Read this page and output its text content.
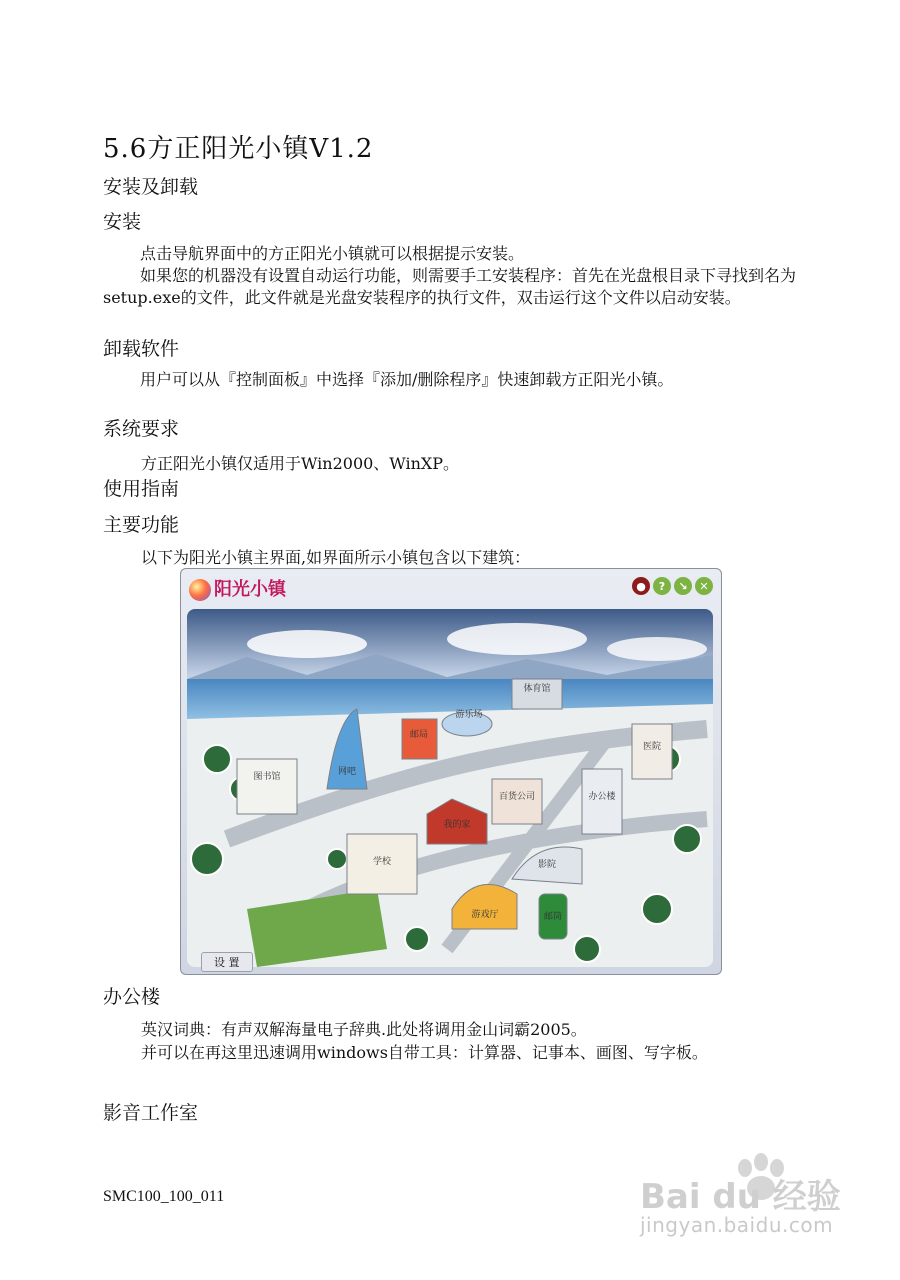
5.6方正阳光小镇V1.2
安装及卸载
安装

点击导航界面中的方正阳光小镇就可以根据提示安装。

如果您的机器没有设置自动运行功能，则需要手工安装程序：首先在光盘根目录下寻找到名为setup.exe的文件，此文件就是光盘安装程序的执行文件，双击运行这个文件以启动安装。

卸载软件

用户可以从『控制面板』中选择『添加/删除程序』快速卸载方正阳光小镇。

系统要求
方正阳光小镇仅适用于Win2000、WinXP。
使用指南
主要功能
以下为阳光小镇主界面,如界面所示小镇包含以下建筑：
阳光小镇	●	?	↘	✕
图书馆	网吧
邮局
游乐场
体育馆
医院
百货公司
我的家
办公楼
学校	影院
游戏厅	邮筒
设 置
办公楼
英汉词典：有声双解海量电子辞典.此处将调用金山词霸2005。
并可以在再这里迅速调用windows自带工具：计算器、记事本、画图、写字板。
影音工作室
SMC100_100_011	Bai du 经验
jingyan.baidu.com
